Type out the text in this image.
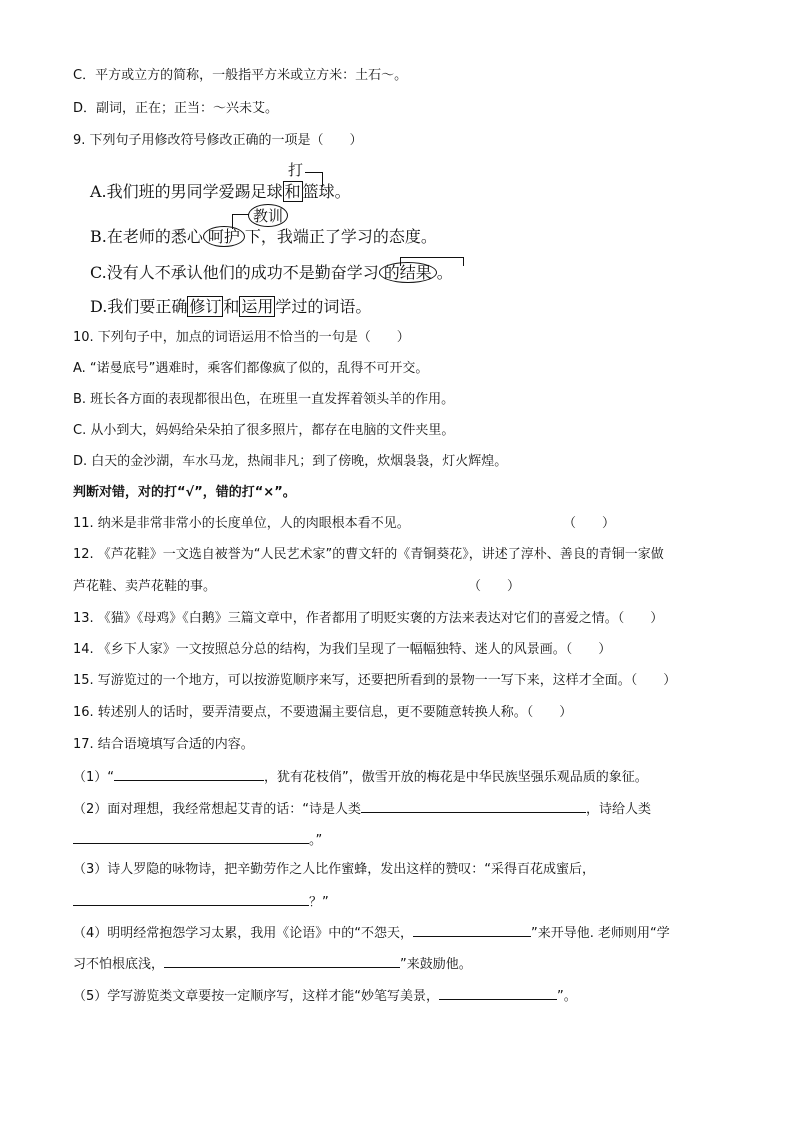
C．平方或立方的简称，一般指平方米或立方米：土石～。
D．副词，正在；正当：～兴未艾。
9. 下列句子用修改符号修改正确的一项是（　　）
打
A.我们班的男同学爱踢足球 和 篮球。
教训
B.在老师的悉心 呵护 下，我端正了学习的态度。
C.没有人不承认他们的成功不是勤奋学习 的结果 。
D.我们要正确 修订 和 运用 学过的词语。
10. 下列句子中，加点的词语运用不恰当的一句是（　　）
A. “诺曼底号”遇难时，乘客们都像疯了似的，乱得不可开交。
B. 班长各方面的表现都很出色，在班里一直发挥着领头羊的作用。
C. 从小到大，妈妈给朵朵拍了很多照片，都存在电脑的文件夹里。
D. 白天的金沙湖，车水马龙，热闹非凡；到了傍晚，炊烟袅袅，灯火辉煌。
判断对错，对的打“√”，错的打“×”。
11. 纳米是非常非常小的长度单位，人的肉眼根本看不见。	（　　）
12. 《芦花鞋》一文选自被誉为“人民艺术家”的曹文轩的《青铜葵花》，讲述了淳朴、善良的青铜一家做
芦花鞋、卖芦花鞋的事。	（　　）
13. 《猫》《母鸡》《白鹅》三篇文章中，作者都用了明贬实褒的方法来表达对它们的喜爱之情。（　　）
14. 《乡下人家》一文按照总分总的结构，为我们呈现了一幅幅独特、迷人的风景画。（　　）
15. 写游览过的一个地方，可以按游览顺序来写，还要把所看到的景物一一写下来，这样才全面。（　　）
16. 转述别人的话时，要弄清要点，不要遗漏主要信息，更不要随意转换人称。（　　）
17. 结合语境填写合适的内容。
（1）“	，犹有花枝俏”，傲雪开放的梅花是中华民族坚强乐观品质的象征。
（2）面对理想，我经常想起艾青的话：“诗是人类	，诗给人类
。”
（3）诗人罗隐的咏物诗，把辛勤劳作之人比作蜜蜂，发出这样的赞叹：“采得百花成蜜后，
？”
（4）明明经常抱怨学习太累，我用《论语》中的“不怨天，	”来开导他. 老师则用“学
习不怕根底浅，	”来鼓励他。
（5）学写游览类文章要按一定顺序写，这样才能“妙笔写美景，	”。
